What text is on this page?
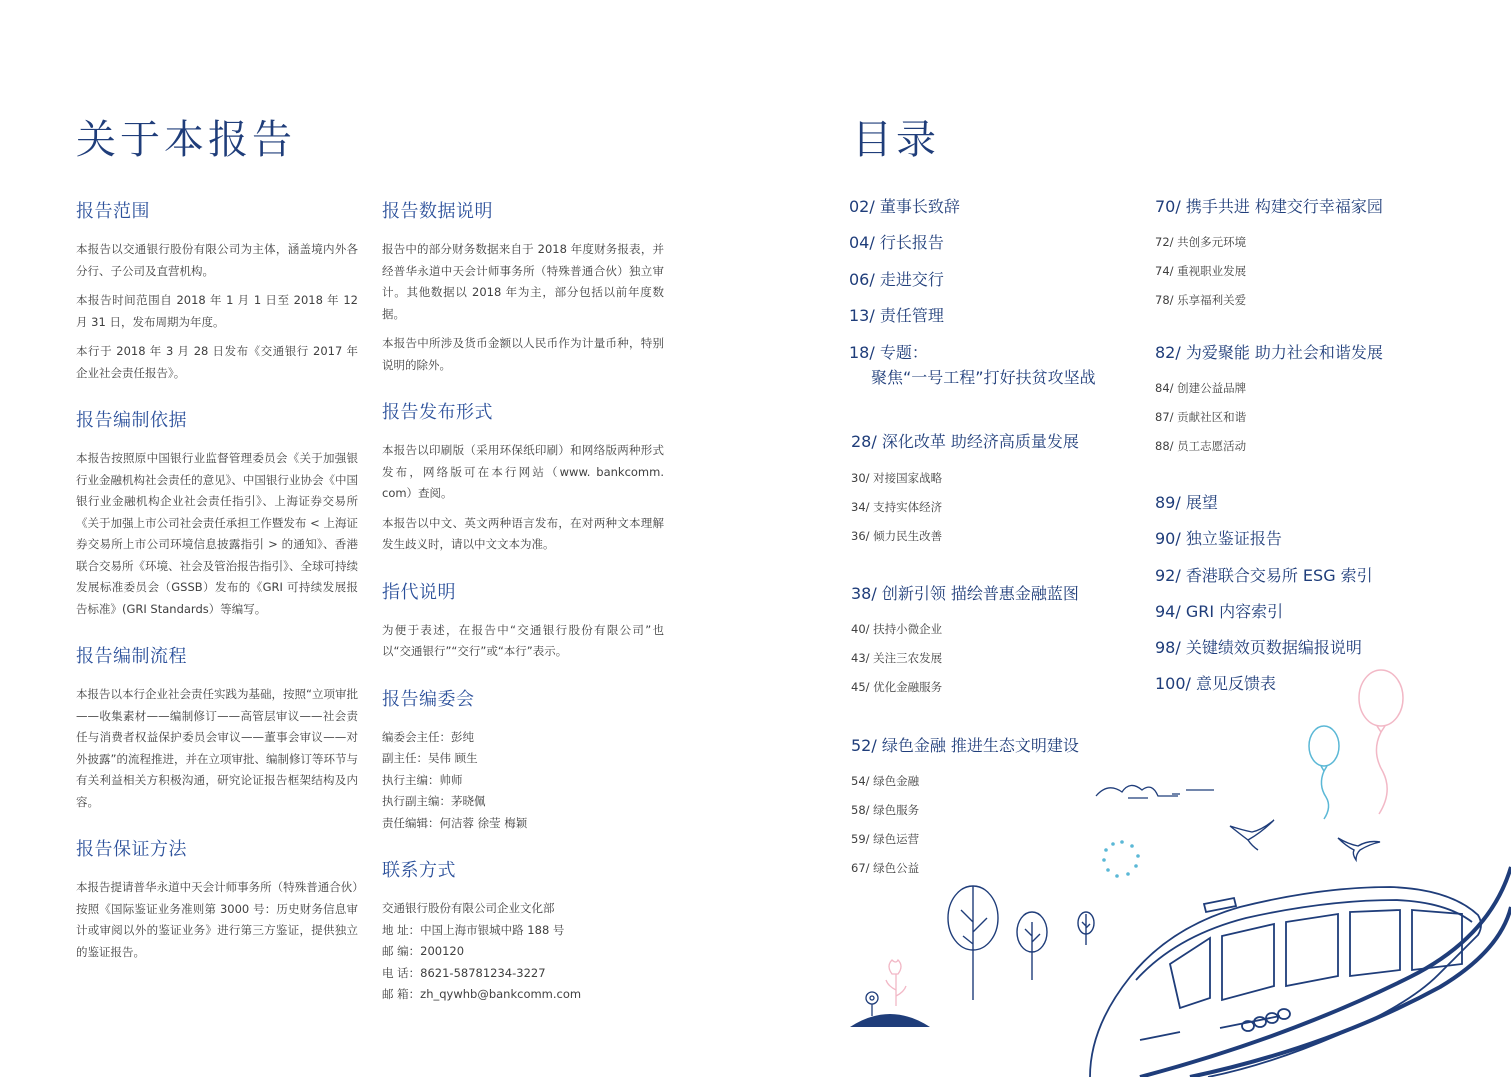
关于本报告
报告范围

本报告以交通银行股份有限公司为主体，涵盖境内外各分行、子公司及直营机构。

本报告时间范围自 2018 年 1 月 1 日至 2018 年 12 月 31 日，发布周期为年度。

本行于 2018 年 3 月 28 日发布《交通银行 2017 年企业社会责任报告》。

报告编制依据

本报告按照原中国银行业监督管理委员会《关于加强银行业金融机构社会责任的意见》、中国银行业协会《中国银行业金融机构企业社会责任指引》、上海证券交易所《关于加强上市公司社会责任承担工作暨发布 < 上海证券交易所上市公司环境信息披露指引 > 的通知》、香港联合交易所《环境、社会及管治报告指引》、全球可持续发展标准委员会（GSSB）发布的《GRI 可持续发展报告标准》(GRI Standards）等编写。

报告编制流程

本报告以本行企业社会责任实践为基础，按照“立项审批——收集素材——编制修订——高管层审议——社会责任与消费者权益保护委员会审议——董事会审议——对外披露”的流程推进，并在立项审批、编制修订等环节与有关利益相关方积极沟通，研究论证报告框架结构及内容。

报告保证方法

本报告提请普华永道中天会计师事务所（特殊普通合伙）按照《国际鉴证业务准则第 3000 号：历史财务信息审计或审阅以外的鉴证业务》进行第三方鉴证，提供独立的鉴证报告。

报告数据说明

报告中的部分财务数据来自于 2018 年度财务报表，并经普华永道中天会计师事务所（特殊普通合伙）独立审计。其他数据以 2018 年为主，部分包括以前年度数据。

本报告中所涉及货币金额以人民币作为计量币种，特别说明的除外。

报告发布形式

本报告以印刷版（采用环保纸印刷）和网络版两种形式发布，网络版可在本行网站（www. bankcomm. com）查阅。

本报告以中文、英文两种语言发布，在对两种文本理解发生歧义时，请以中文文本为准。

指代说明

为便于表述，在报告中“交通银行股份有限公司”也以“交通银行”“交行”或“本行”表示。

报告编委会

编委会主任：彭纯

副主任：吴伟 顾生

执行主编：帅师

执行副主编：茅晓佩

责任编辑：何洁蓉 徐莹 梅颖

联系方式

交通银行股份有限公司企业文化部

地 址：中国上海市银城中路 188 号

邮 编：200120

电 话：8621-58781234-3227

邮 箱：zh_qywhb@bankcomm.com

目录

02/ 董事长致辞

04/ 行长报告

06/ 走进交行

13/ 责任管理

18/ 专题：

聚焦“一号工程”打好扶贫攻坚战

28/ 深化改革 助经济高质量发展

30/ 对接国家战略

34/ 支持实体经济

36/ 倾力民生改善

38/ 创新引领 描绘普惠金融蓝图

40/ 扶持小微企业

43/ 关注三农发展

45/ 优化金融服务

52/ 绿色金融 推进生态文明建设

54/ 绿色金融

58/ 绿色服务

59/ 绿色运营

67/ 绿色公益

70/ 携手共进 构建交行幸福家园

72/ 共创多元环境

74/ 重视职业发展

78/ 乐享福利关爱

82/ 为爱聚能 助力社会和谐发展

84/ 创建公益品牌

87/ 贡献社区和谐

88/ 员工志愿活动

89/ 展望

90/ 独立鉴证报告

92/ 香港联合交易所 ESG 索引

94/ GRI 内容索引

98/ 关键绩效页数据编报说明

100/ 意见反馈表
